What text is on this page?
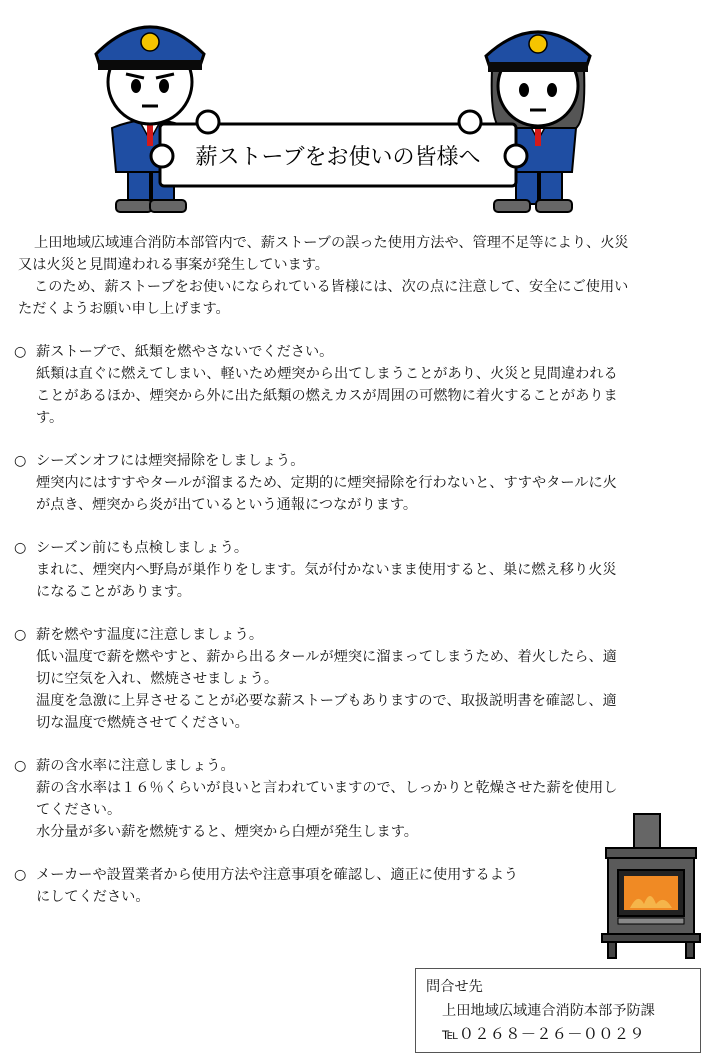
薪ストーブをお使いの皆様へ
上田地域広域連合消防本部管内で、薪ストーブの誤った使用方法や、管理不足等により、火災
又は火災と見間違われる事案が発生しています。
このため、薪ストーブをお使いになられている皆様には、次の点に注意して、安全にご使用い
ただくようお願い申し上げます。
○ 薪ストーブで、紙類を燃やさないでください。
紙類は直ぐに燃えてしまい、軽いため煙突から出てしまうことがあり、火災と見間違われる
ことがあるほか、煙突から外に出た紙類の燃えカスが周囲の可燃物に着火することがありま
す。
○ シーズンオフには煙突掃除をしましょう。
煙突内にはすすやタールが溜まるため、定期的に煙突掃除を行わないと、すすやタールに火
が点き、煙突から炎が出ているという通報につながります。
○ シーズン前にも点検しましょう。
まれに、煙突内へ野鳥が巣作りをします。気が付かないまま使用すると、巣に燃え移り火災
になることがあります。
○ 薪を燃やす温度に注意しましょう。
低い温度で薪を燃やすと、薪から出るタールが煙突に溜まってしまうため、着火したら、適
切に空気を入れ、燃焼させましょう。
温度を急激に上昇させることが必要な薪ストーブもありますので、取扱説明書を確認し、適
切な温度で燃焼させてください。
○ 薪の含水率に注意しましょう。
薪の含水率は１６％くらいが良いと言われていますので、しっかりと乾燥させた薪を使用し
てください。
水分量が多い薪を燃焼すると、煙突から白煙が発生します。
○ メーカーや設置業者から使用方法や注意事項を確認し、適正に使用するよう
にしてください。
問合せ先
上田地域広域連合消防本部予防課
℡０２６８－２６－００２９
